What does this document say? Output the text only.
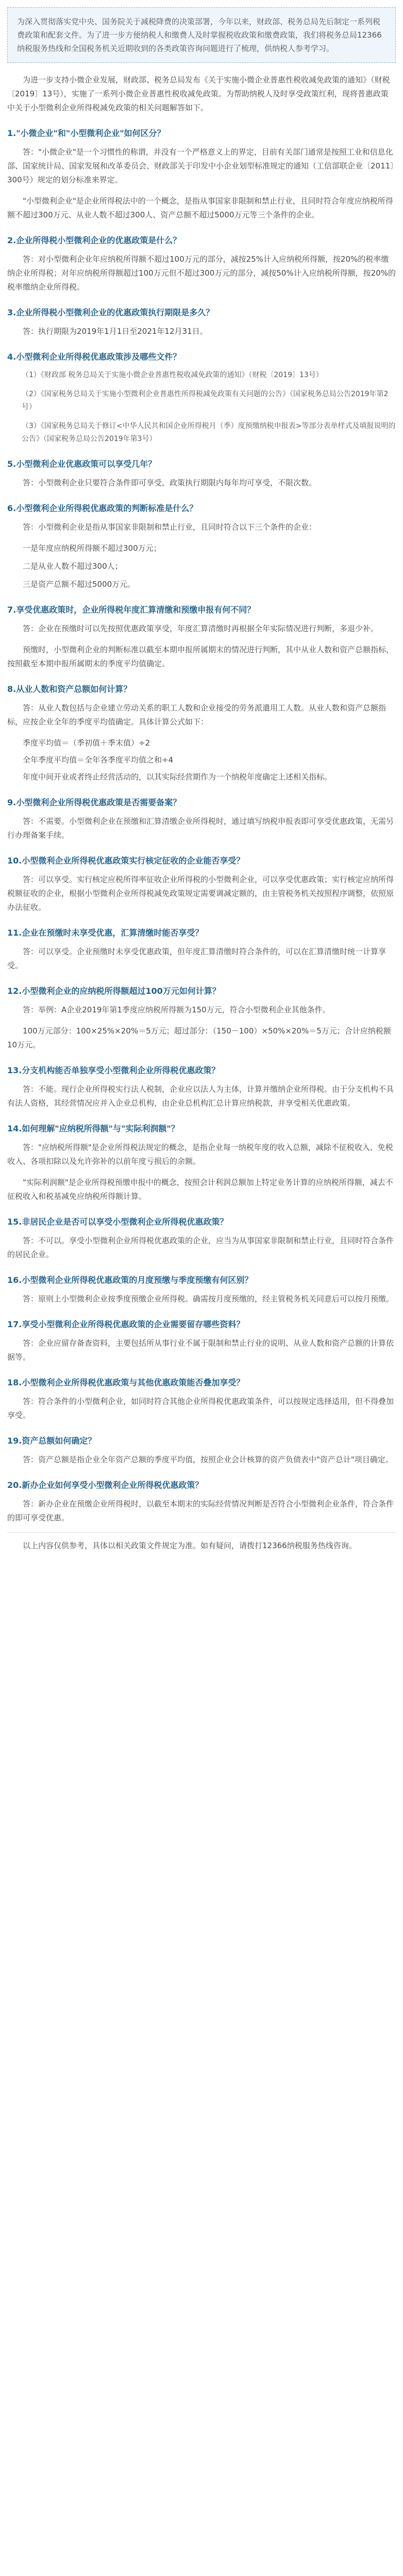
为深入贯彻落实党中央、国务院关于减税降费的决策部署，今年以来，财政部、税务总局先后制定一系列税费政策和配套文件。为了进一步方便纳税人和缴费人及时掌握税收政策和缴费政策，我们将税务总局12366纳税服务热线和全国税务机关近期收到的各类政策咨询问题进行了梳理，供纳税人参考学习。

为进一步支持小微企业发展，财政部、税务总局发布《关于实施小微企业普惠性税收减免政策的通知》（财税〔2019〕13号），实施了一系列小微企业普惠性税收减免政策。为帮助纳税人及时享受政策红利，现将普惠政策中关于小型微利企业所得税减免政策的相关问题解答如下。

1."小微企业"和"小型微利企业"如何区分？

答："小微企业"是一个习惯性的称谓，并没有一个严格意义上的界定，目前有关部门通常是按照工业和信息化部、国家统计局、国家发展和改革委员会、财政部关于印发中小企业划型标准规定的通知（工信部联企业〔2011〕300号）规定的划分标准来界定。

"小型微利企业"是企业所得税法中的一个概念，是指从事国家非限制和禁止行业，且同时符合年度应纳税所得额不超过300万元、从业人数不超过300人、资产总额不超过5000万元等三个条件的企业。

2.企业所得税小型微利企业的优惠政策是什么？

答：对小型微利企业年应纳税所得额不超过100万元的部分，减按25%计入应纳税所得额，按20%的税率缴纳企业所得税；对年应纳税所得额超过100万元但不超过300万元的部分，减按50%计入应纳税所得额，按20%的税率缴纳企业所得税。

3.企业所得税小型微利企业的优惠政策执行期限是多久？

答：执行期限为2019年1月1日至2021年12月31日。

4.小型微利企业所得税优惠政策涉及哪些文件？
（1）《财政部 税务总局关于实施小微企业普惠性税收减免政策的通知》（财税〔2019〕13号）
（2）《国家税务总局关于实施小型微利企业普惠性所得税减免政策有关问题的公告》（国家税务总局公告2019年第2号）
（3）《国家税务总局关于修订<中华人民共和国企业所得税月（季）度预缴纳税申报表>等部分表单样式及填报说明的公告》（国家税务总局公告2019年第3号）
5.小型微利企业优惠政策可以享受几年？

答：小型微利企业只要符合条件即可享受，政策执行期限内每年均可享受，不限次数。

6.小型微利企业所得税优惠政策的判断标准是什么？

答：小型微利企业是指从事国家非限制和禁止行业，且同时符合以下三个条件的企业：

一是年度应纳税所得额不超过300万元；
二是从业人数不超过300人；
三是资产总额不超过5000万元。
7.享受优惠政策时，企业所得税年度汇算清缴和预缴申报有何不同？

答：企业在预缴时可以先按照优惠政策享受，年度汇算清缴时再根据全年实际情况进行判断，多退少补。

预缴时，小型微利企业的判断标准以截至本期申报所属期末的情况进行判断，其中从业人数和资产总额指标，按照截至本期申报所属期末的季度平均值确定。

8.从业人数和资产总额如何计算？

答：从业人数包括与企业建立劳动关系的职工人数和企业接受的劳务派遣用工人数。从业人数和资产总额指标，应按企业全年的季度平均值确定。具体计算公式如下：

季度平均值＝（季初值＋季末值）÷2
全年季度平均值＝全年各季度平均值之和÷4

年度中间开业或者终止经营活动的，以其实际经营期作为一个纳税年度确定上述相关指标。

9.小型微利企业所得税优惠政策是否需要备案？

答：不需要。小型微利企业在预缴和汇算清缴企业所得税时，通过填写纳税申报表即可享受优惠政策，无需另行办理备案手续。

10.小型微利企业所得税优惠政策实行核定征收的企业能否享受？

答：可以享受。实行核定应税所得率征收企业所得税的小型微利企业，可以享受优惠政策；实行核定应纳所得税额征收的企业，根据小型微利企业所得税减免政策规定需要调减定额的，由主管税务机关按照程序调整，依照原办法征收。

11.企业在预缴时未享受优惠，汇算清缴时能否享受？

答：可以享受。企业预缴时未享受优惠政策，但年度汇算清缴时符合条件的，可以在汇算清缴时统一计算享受。

12.小型微利企业的应纳税所得额超过100万元如何计算？

答：举例：A企业2019年第1季度应纳税所得额为150万元，符合小型微利企业其他条件。

100万元部分：100×25%×20%＝5万元；超过部分：（150－100）×50%×20%＝5万元；合计应纳税额10万元。

13.分支机构能否单独享受小型微利企业所得税优惠政策？

答：不能。现行企业所得税实行法人税制，企业应以法人为主体，计算并缴纳企业所得税。由于分支机构不具有法人资格，其经营情况应并入企业总机构，由企业总机构汇总计算应纳税款，并享受相关优惠政策。

14.如何理解"应纳税所得额"与"实际利润额"？

答："应纳税所得额"是企业所得税法规定的概念，是指企业每一纳税年度的收入总额，减除不征税收入、免税收入、各项扣除以及允许弥补的以前年度亏损后的余额。

"实际利润额"是企业所得税预缴申报中的概念，按照会计利润总额加上特定业务计算的应纳税所得额，减去不征税收入和税基减免应纳税所得额计算。

15.非居民企业是否可以享受小型微利企业所得税优惠政策？

答：不可以。享受小型微利企业所得税优惠政策的企业，应当为从事国家非限制和禁止行业，且同时符合条件的居民企业。

16.小型微利企业所得税优惠政策的月度预缴与季度预缴有何区别？

答：原则上小型微利企业按季度预缴企业所得税。确需按月度预缴的，经主管税务机关同意后可以按月预缴。

17.享受小型微利企业所得税优惠政策的企业需要留存哪些资料？

答：企业应留存备查资料，主要包括所从事行业不属于限制和禁止行业的说明、从业人数和资产总额的计算依据等。

18.小型微利企业所得税优惠政策与其他优惠政策能否叠加享受？

答：符合条件的小型微利企业，如同时符合其他企业所得税优惠政策条件，可以按规定选择适用，但不得叠加享受。

19.资产总额如何确定？

答：资产总额是指企业全年资产总额的季度平均值，按照企业会计核算的资产负债表中"资产总计"项目确定。

20.新办企业如何享受小型微利企业所得税优惠政策？

答：新办企业在预缴企业所得税时，以截至本期末的实际经营情况判断是否符合小型微利企业条件，符合条件的即可享受优惠。

以上内容仅供参考，具体以相关政策文件规定为准。如有疑问，请拨打12366纳税服务热线咨询。
